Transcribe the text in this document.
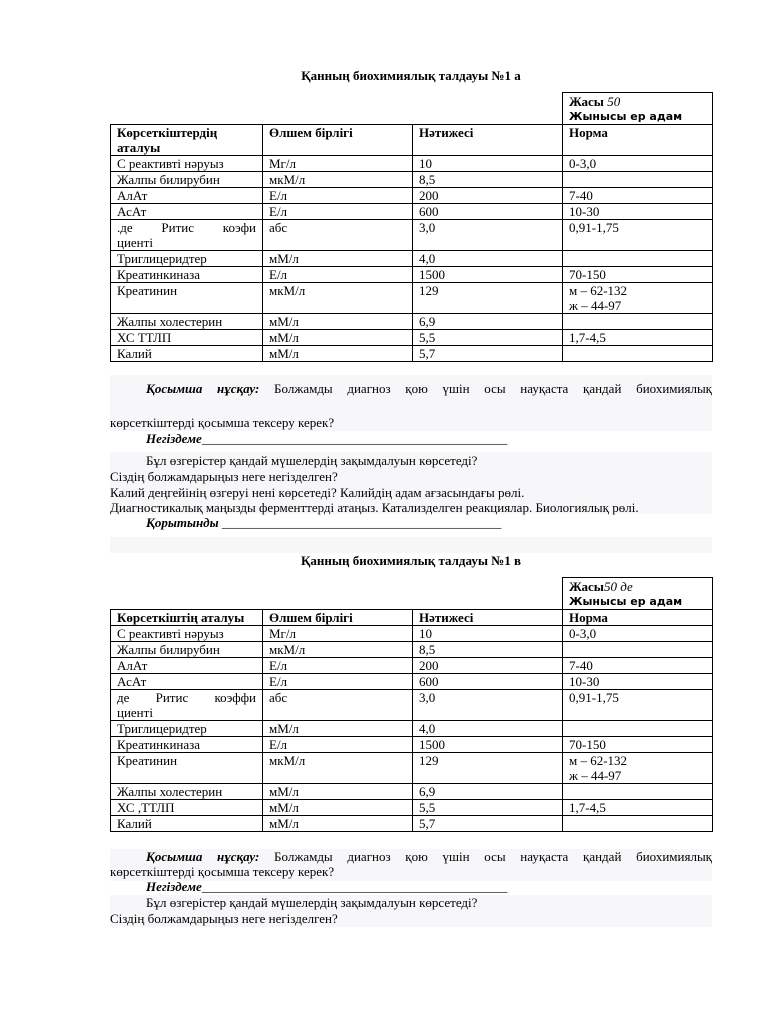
Қанның биохимиялық талдауы №1 а

			Жасы 50
Жынысы ер адам

Көрсеткіштердің аталуы	Өлшем бірлігі	Нәтижесі	Норма
С реактивті нәруыз	Мг/л	10	0-3,0
Жалпы билирубин	мкМ/л	8,5	
АлАт	Е/л	200	7-40
АсАт	Е/л	600	10-30

.де Ритис коэфи
циенті	абс	3,0	0,91-1,75
Триглицеридтер	мМ/л	4,0	
Креатинкиназа	Е/л	1500	70-150
Креатинин	мкМ/л	129	м – 62-132
ж – 44-97

Жалпы холестерин	мМ/л	6,9	
ХС ТТЛП	мМ/л	5,5	1,7-4,5
Калий	мМ/л	5,7	
Қосымша нұсқау: Болжамды диагноз қою үшін осы науқаста қандай биохимиялық
көрсеткіштерді қосымша тексеру керек?
Негіздеме_______________________________________________
Бұл өзгерістер қандай мүшелердің зақымдалуын көрсетеді?
Сіздің болжамдарыңыз неге негізделген?
Калий деңгейінің өзгеруі нені көрсетеді? Калийдің адам ағзасындағы рөлі.
Диагностикалық маңызды ферменттерді атаңыз. Катализделген реакциялар. Биологиялық рөлі.
Қорытынды ___________________________________________
Қанның биохимиялық талдауы №1 в

			Жасы50 де
Жынысы ер адам

Көрсеткіштің аталуы	Өлшем бірлігі	Нәтижесі	Норма
С реактивті нәруыз	Мг/л	10	0-3,0
Жалпы билирубин	мкМ/л	8,5	
АлАт	Е/л	200	7-40
АсАт	Е/л	600	10-30

де Ритис коэффи
циенті	абс	3,0	0,91-1,75
Триглицеридтер	мМ/л	4,0	
Креатинкиназа	Е/л	1500	70-150
Креатинин	мкМ/л	129	м – 62-132
ж – 44-97

Жалпы холестерин	мМ/л	6,9	
ХС ,ТТЛП	мМ/л	5,5	1,7-4,5
Калий	мМ/л	5,7	
Қосымша нұсқау: Болжамды диагноз қою үшін осы науқаста қандай биохимиялық
көрсеткіштерді қосымша тексеру керек?
Негіздеме_______________________________________________
Бұл өзгерістер қандай мүшелердің зақымдалуын көрсетеді?
Сіздің болжамдарыңыз неге негізделген?
